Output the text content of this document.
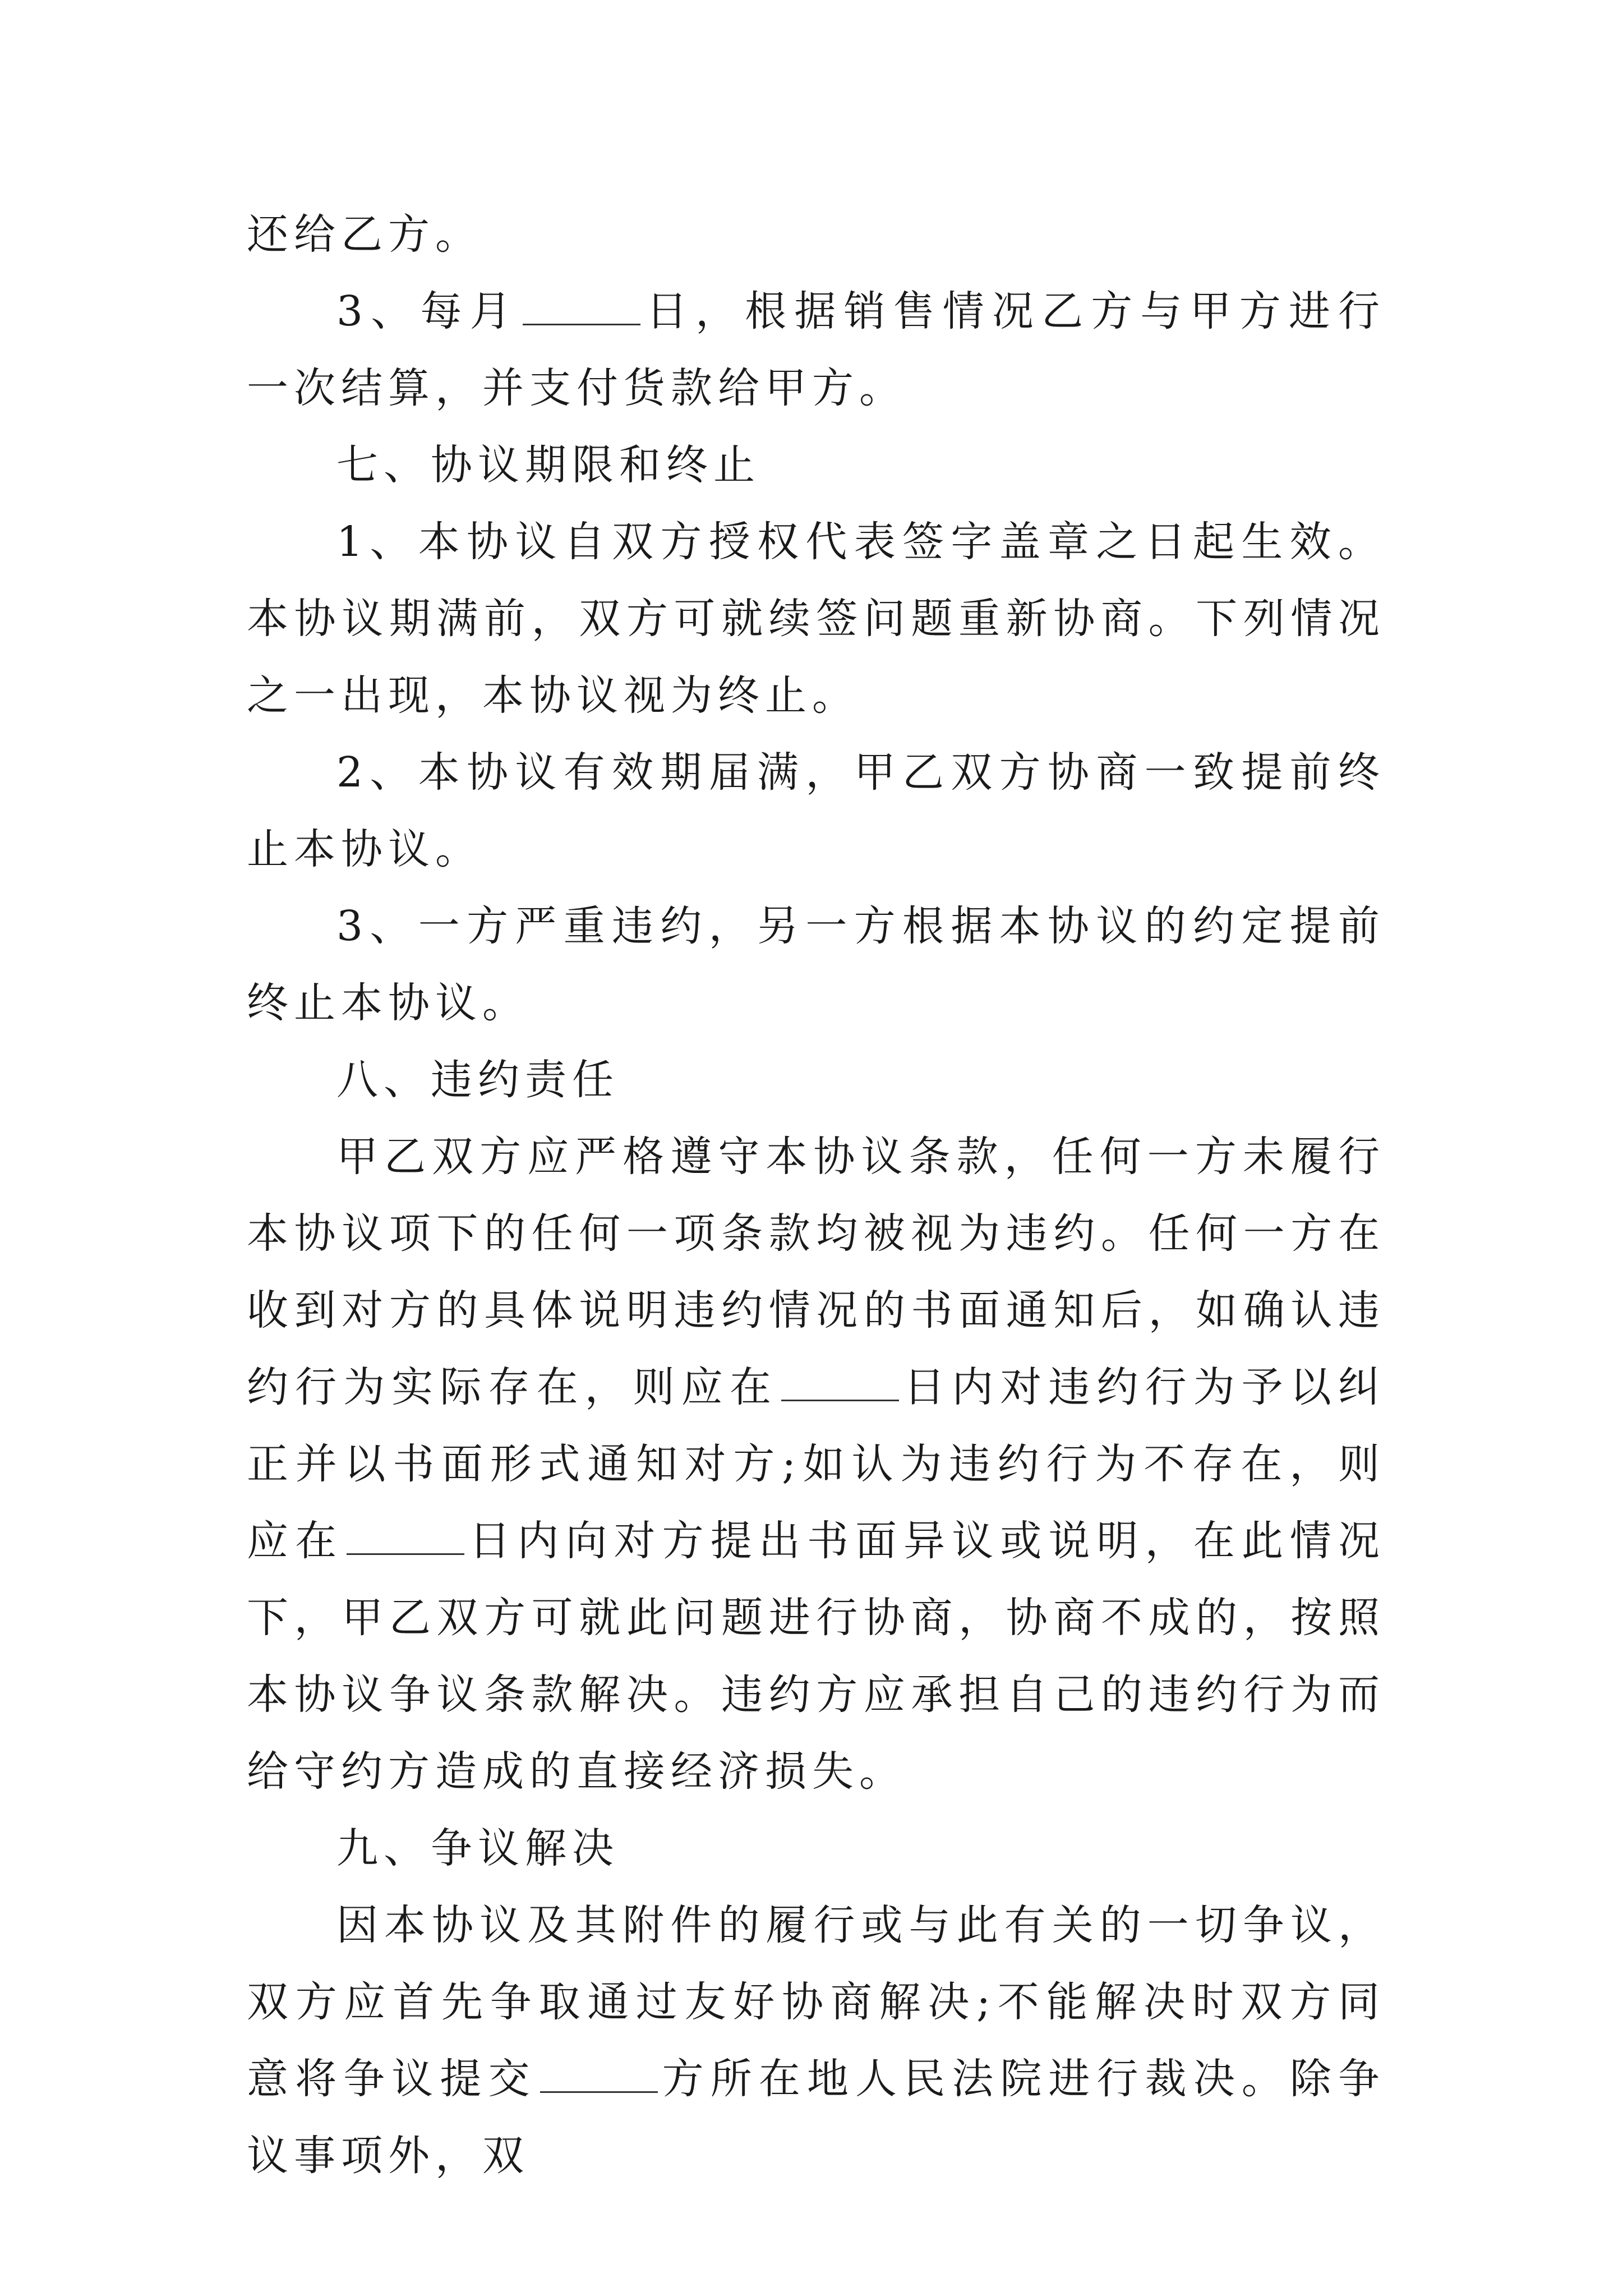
还给乙方。

3、每月	日，根据销售情况乙方与甲方进行一次结算，并支付货款给甲方。

七、协议期限和终止

1、本协议自双方授权代表签字盖章之日起生效。本协议期满前，双方可就续签问题重新协商。下列情况之一出现，本协议视为终止。

2、本协议有效期届满，甲乙双方协商一致提前终止本协议。

3、一方严重违约，另一方根据本协议的约定提前终止本协议。

八、违约责任

甲乙双方应严格遵守本协议条款，任何一方未履行本协议项下的任何一项条款均被视为违约。任何一方在收到对方的具体说明违约情况的书面通知后，如确认违约行为实际存在，则应在	日内对违约行为予以纠正并以书面形式通知对方;如认为违约行为不存在，则应在	日内向对方提出书面异议或说明，在此情况下，甲乙双方可就此问题进行协商，协商不成的，按照本协议争议条款解决。违约方应承担自己的违约行为而给守约方造成的直接经济损失。

九、争议解决

因本协议及其附件的履行或与此有关的一切争议，双方应首先争取通过友好协商解决;不能解决时双方同意将争议提交	方所在地人民法院进行裁决。除争议事项外，双
